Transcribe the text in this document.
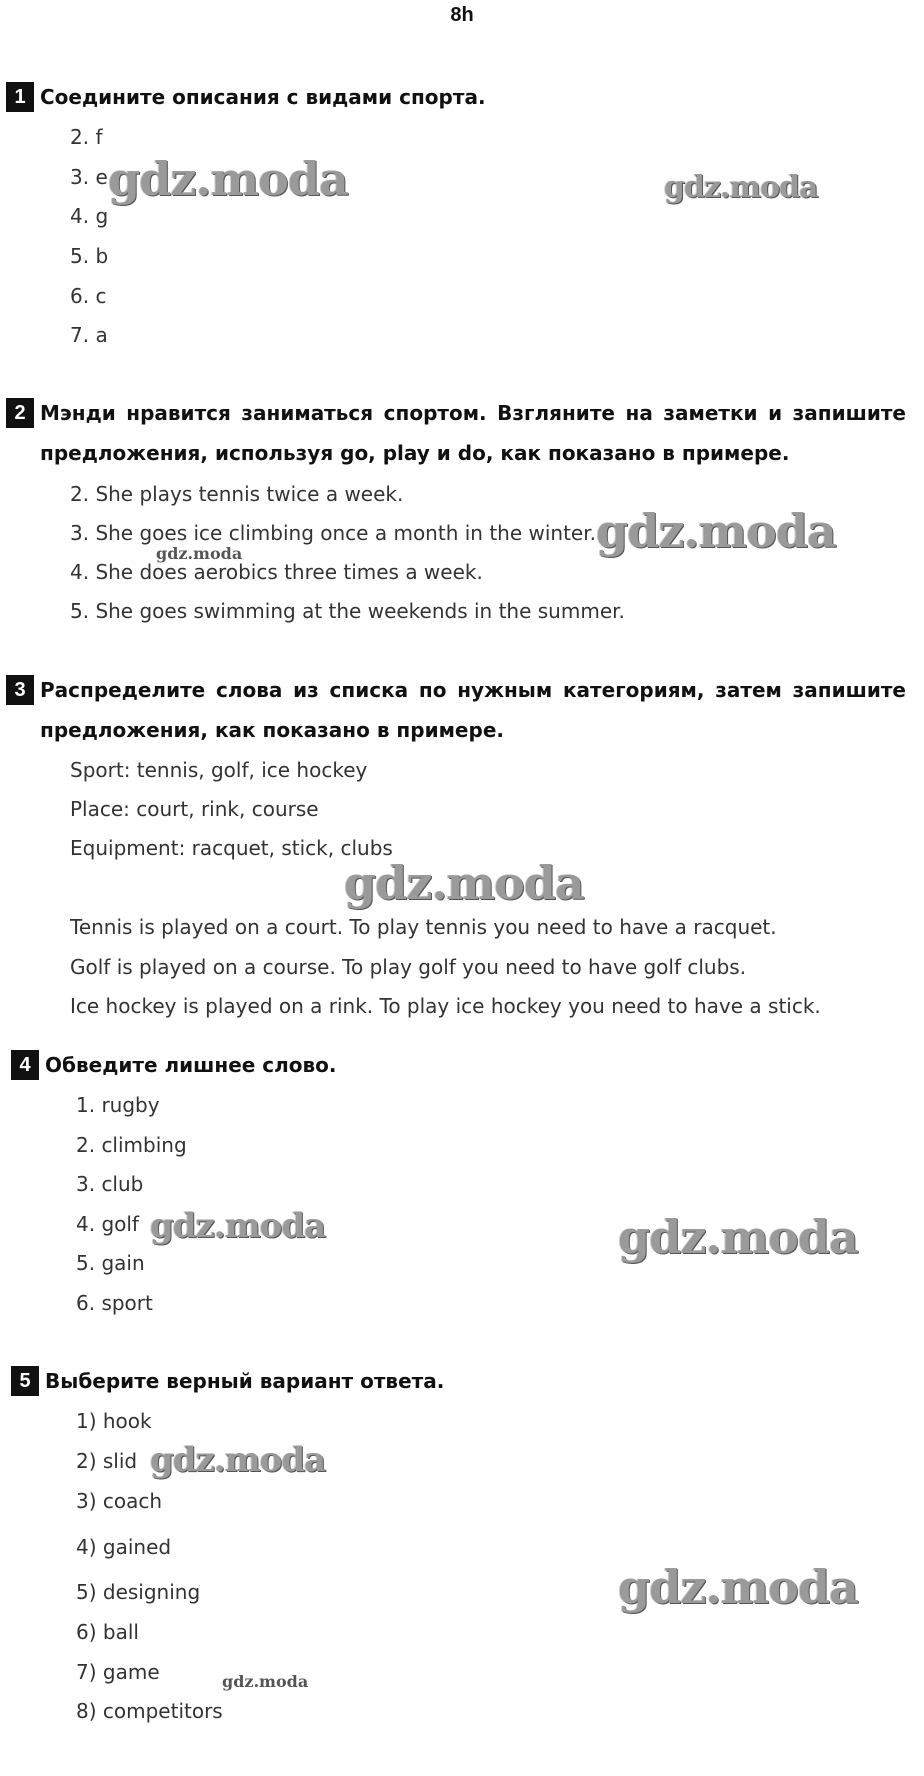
8h
1 Соедините описания с видами спорта.
2. f
3. e
4. g
5. b
6. c
7. a
2 Мэнди нравится заниматься спортом. Взгляните на заметки и запишите предложения, используя go, play и do, как показано в примере.
2. She plays tennis twice a week.
3. She goes ice climbing once a month in the winter.
4. She does aerobics three times a week.
5. She goes swimming at the weekends in the summer.
3 Распределите слова из списка по нужным категориям, затем запишите предложения, как показано в примере.
Sport: tennis, golf, ice hockey
Place: court, rink, course
Equipment: racquet, stick, clubs
Tennis is played on a court. To play tennis you need to have a racquet.
Golf is played on a course. To play golf you need to have golf clubs.
Ice hockey is played on a rink. To play ice hockey you need to have a stick.
4 Обведите лишнее слово.
1. rugby
2. climbing
3. club
4. golf
5. gain
6. sport
5 Выберите верный вариант ответа.
1) hook
2) slid
3) coach
4) gained
5) designing
6) ball
7) game
8) competitors
gdz.moda	gdz.moda
gdz.moda
gdz.moda
gdz.moda
gdz.moda	gdz.moda
gdz.moda
gdz.moda
gdz.moda
